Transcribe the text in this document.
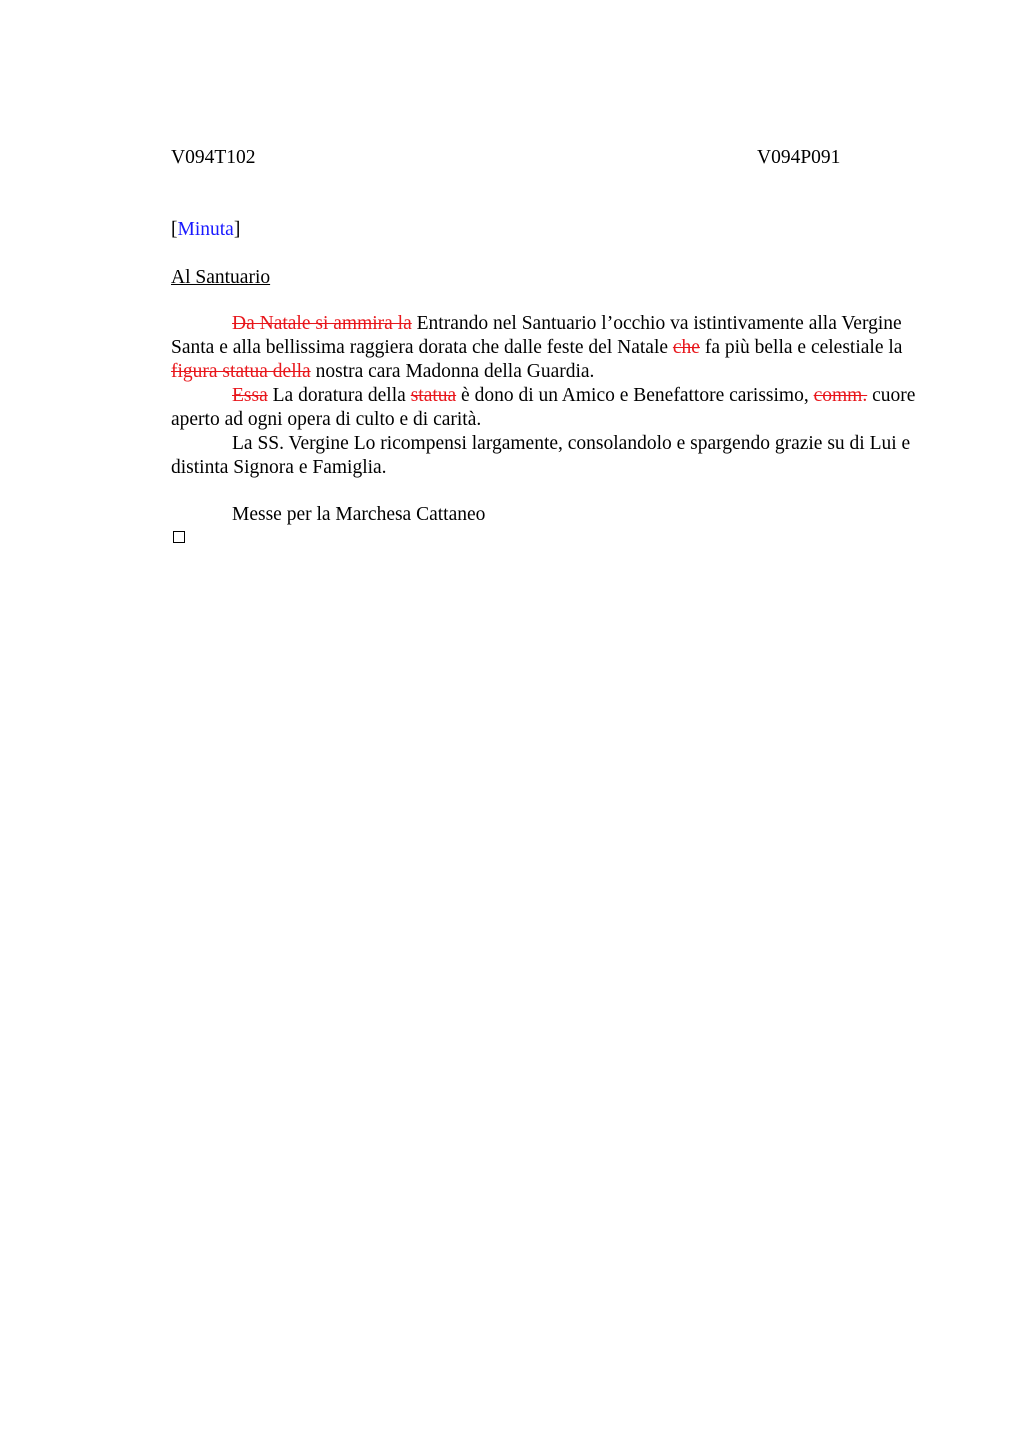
V094T102	V094P091
[Minuta]
Al Santuario

Da Natale si ammira la Entrando nel Santuario l’occhio va istintivamente alla Vergine Santa e alla bellissima raggiera dorata che dalle feste del Natale che fa più bella e celestiale la figura statua della nostra cara Madonna della Guardia.

Essa La doratura della statua è dono di un Amico e Benefattore carissimo, comm. cuore aperto ad ogni opera di culto e di carità.

La SS. Vergine Lo ricompensi largamente, consolandolo e spargendo grazie su di Lui e distinta Signora e Famiglia.

Messe per la Marchesa Cattaneo
